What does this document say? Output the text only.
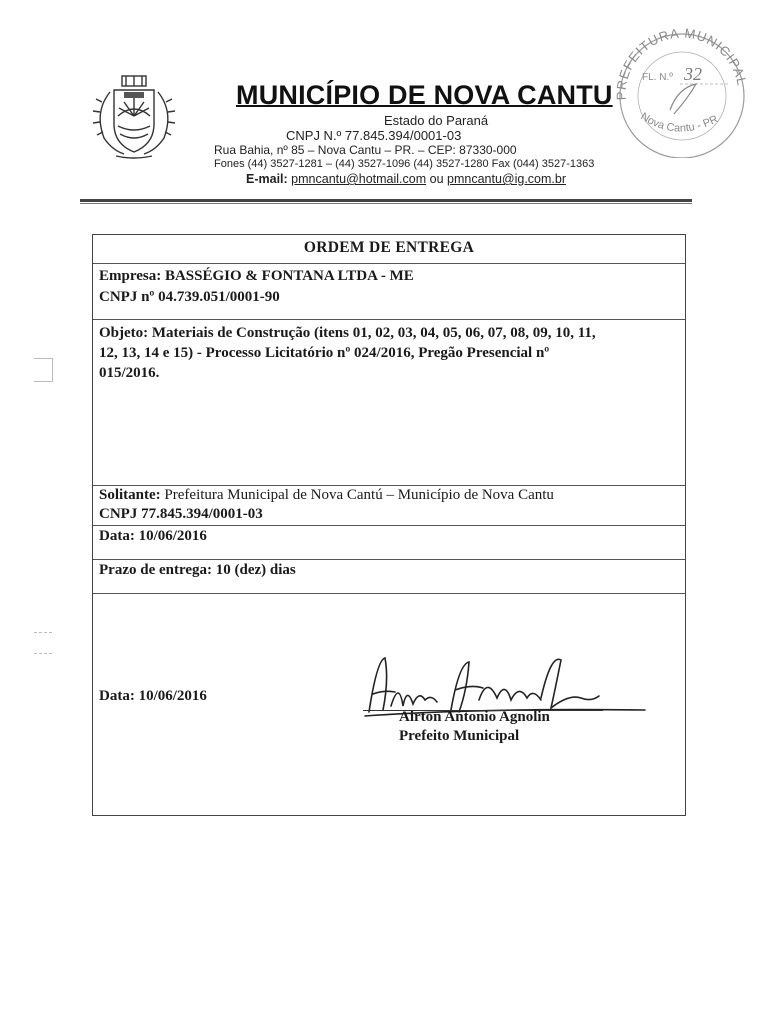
MUNICÍPIO DE NOVA CANTU
Estado do Paraná
CNPJ N.º 77.845.394/0001-03
Rua Bahia, nº 85 – Nova Cantu – PR. – CEP: 87330-000
Fones (44) 3527-1281 – (44) 3527-1096 (44) 3527-1280 Fax (044) 3527-1363
E-mail: pmncantu@hotmail.com ou pmncantu@ig.com.br
PREFEITURA MUNICIPAL
Nova Cantu - PR
FL. N.º 32
ORDEM DE ENTREGA
Empresa: BASSÉGIO & FONTANA LTDA - ME
CNPJ nº 04.739.051/0001-90
Objeto: Materiais de Construção (itens 01, 02, 03, 04, 05, 06, 07, 08, 09, 10, 11,
12, 13, 14 e 15) - Processo Licitatório nº 024/2016, Pregão Presencial nº
015/2016.
Solitante: Prefeitura Municipal de Nova Cantú – Município de Nova Cantu
CNPJ 77.845.394/0001-03
Data: 10/06/2016
Prazo de entrega: 10 (dez) dias
Data: 10/06/2016
Airton Antonio Agnolin
Prefeito Municipal
